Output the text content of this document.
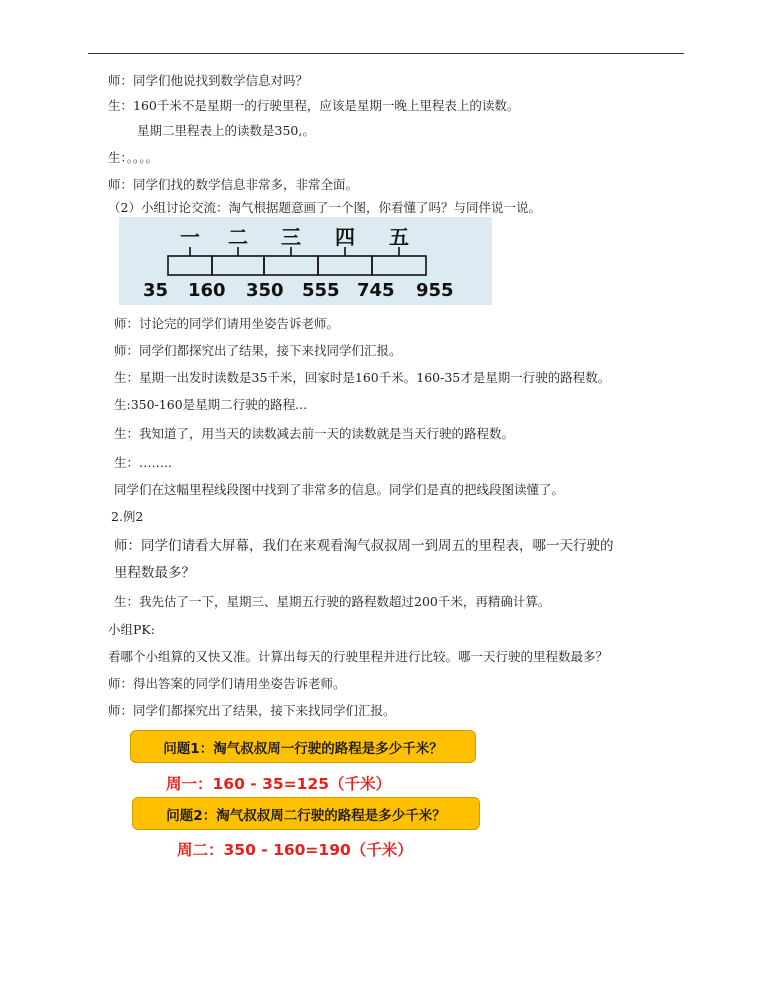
师：同学们他说找到数学信息对吗？
生：160千米不是星期一的行驶里程，应该是星期一晚上里程表上的读数。
星期二里程表上的读数是350,。
生：。。。。
师：同学们找的数学信息非常多，非常全面。
（2）小组讨论交流：淘气根据题意画了一个图，你看懂了吗？与同伴说一说。
一 二 三 四 五
35 160 350 555 745 955
师：讨论完的同学们请用坐姿告诉老师。
师：同学们都探究出了结果，接下来找同学们汇报。
生：星期一出发时读数是35千米，回家时是160千米。160-35才是星期一行驶的路程数。
生:350-160是星期二行驶的路程...
生：我知道了，用当天的读数减去前一天的读数就是当天行驶的路程数。
生：……..
同学们在这幅里程线段图中找到了非常多的信息。同学们是真的把线段图读懂了。
2.例2
师：同学们请看大屏幕，我们在来观看淘气叔叔周一到周五的里程表，哪一天行驶的
里程数最多？
生：我先估了一下，星期三、星期五行驶的路程数超过200千米，再精确计算。
小组PK:
看哪个小组算的又快又准。计算出每天的行驶里程并进行比较。哪一天行驶的里程数最多？
师：得出答案的同学们请用坐姿告诉老师。
师：同学们都探究出了结果，接下来找同学们汇报。
问题1：淘气叔叔周一行驶的路程是多少千米？
周一：160 - 35=125（千米）
问题2：淘气叔叔周二行驶的路程是多少千米？
周二：350 - 160=190（千米）
